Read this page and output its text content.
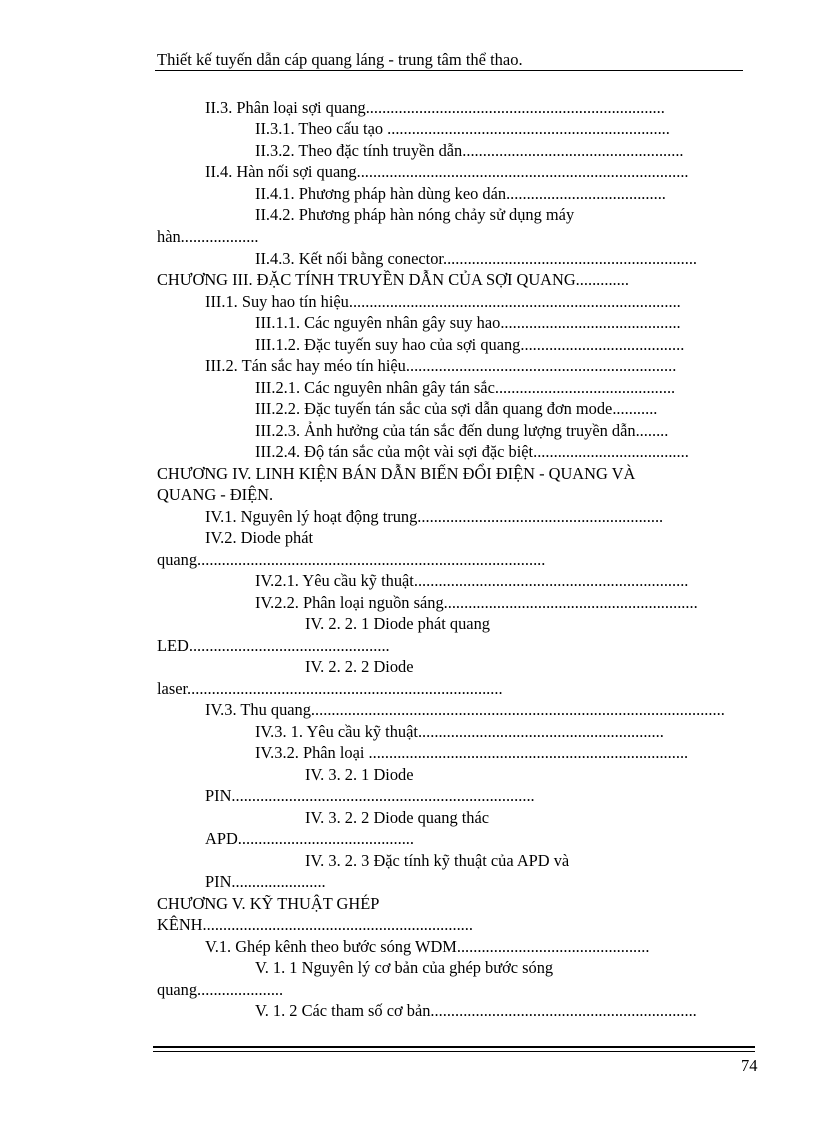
Thiết kế tuyến dẫn cáp quang láng - trung tâm thể thao.
II.3. Phân loại sợi quang.........................................................................
II.3.1. Theo cấu tạo .....................................................................
II.3.2. Theo đặc tính truyền dẫn......................................................
II.4. Hàn nối sợi quang.................................................................................
II.4.1. Phương pháp hàn dùng keo dán.......................................
II.4.2. Phương pháp hàn nóng chảy sử dụng máy
hàn...................
II.4.3. Kết nối bằng conector..............................................................
CHƯƠNG III. ĐẶC TÍNH TRUYỀN DẪN CỦA SỢI QUANG.............
III.1. Suy hao tín hiệu.................................................................................
III.1.1. Các nguyên nhân gây suy hao............................................
III.1.2. Đặc tuyến suy hao của sợi quang........................................
III.2. Tán sắc hay méo tín hiệu..................................................................
III.2.1. Các nguyên nhân gây tán sắc............................................
III.2.2. Đặc tuyến tán sắc của sợi dẫn quang đơn mode...........
III.2.3. Ảnh hưởng của tán sắc đến dung lượng truyền dẫn........
III.2.4. Độ tán sắc của một vài sợi đặc biệt......................................
CHƯƠNG IV. LINH KIỆN BÁN DẪN BIẾN ĐỔI ĐIỆN - QUANG VÀ
QUANG - ĐIỆN.
IV.1. Nguyên lý hoạt động trung............................................................
IV.2. Diode phát
quang.....................................................................................
IV.2.1. Yêu cầu kỹ thuật...................................................................
IV.2.2. Phân loại nguồn sáng..............................................................
IV. 2. 2. 1 Diode phát quang
LED.................................................
IV. 2. 2. 2 Diode
laser.............................................................................
IV.3. Thu quang.....................................................................................................
IV.3. 1. Yêu cầu kỹ thuật............................................................
IV.3.2. Phân loại ..............................................................................
IV. 3. 2. 1 Diode
PIN..........................................................................
IV. 3. 2. 2 Diode quang thác
APD...........................................
IV. 3. 2. 3 Đặc tính kỹ thuật của APD và
PIN.......................
CHƯƠNG V. KỸ THUẬT GHÉP
KÊNH..................................................................
V.1. Ghép kênh theo bước sóng WDM...............................................
V. 1. 1 Nguyên lý cơ bản của ghép bước sóng
quang.....................
V. 1. 2 Các tham số cơ bản.................................................................
74
